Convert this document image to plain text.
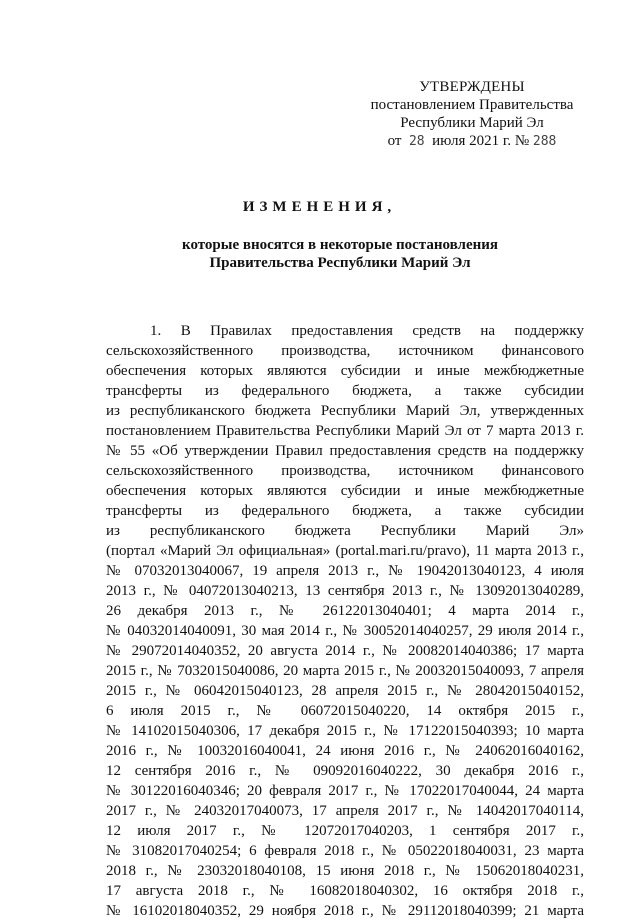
УТВЕРЖДЕНЫ
постановлением Правительства
Республики Марий Эл
от 28 июля 2021 г. № 288
ИЗМЕНЕНИЯ,
которые вносятся в некоторые постановления
Правительства Республики Марий Эл
1. В Правилах предоставления средств на поддержку
сельскохозяйственного производства, источником финансового
обеспечения которых являются субсидии и иные межбюджетные
трансферты из федерального бюджета, а также субсидии
из республиканского бюджета Республики Марий Эл, утвержденных
постановлением Правительства Республики Марий Эл от 7 марта 2013 г.
№ 55 «Об утверждении Правил предоставления средств на поддержку
сельскохозяйственного производства, источником финансового
обеспечения которых являются субсидии и иные межбюджетные
трансферты из федерального бюджета, а также субсидии
из республиканского бюджета Республики Марий Эл»
(портал «Марий Эл официальная» (portal.mari.ru/pravo), 11 марта 2013 г.,
№ 07032013040067, 19 апреля 2013 г., № 19042013040123, 4 июля
2013 г., № 04072013040213, 13 сентября 2013 г., № 13092013040289,
26 декабря 2013 г., № 26122013040401; 4 марта 2014 г.,
№ 04032014040091, 30 мая 2014 г., № 30052014040257, 29 июля 2014 г.,
№ 29072014040352, 20 августа 2014 г., № 20082014040386; 17 марта
2015 г., № 7032015040086, 20 марта 2015 г., № 20032015040093, 7 апреля
2015 г., № 06042015040123, 28 апреля 2015 г., № 28042015040152,
6 июля 2015 г., № 06072015040220, 14 октября 2015 г.,
№ 14102015040306, 17 декабря 2015 г., № 17122015040393; 10 марта
2016 г., № 10032016040041, 24 июня 2016 г., № 24062016040162,
12 сентября 2016 г., № 09092016040222, 30 декабря 2016 г.,
№ 30122016040346; 20 февраля 2017 г., № 17022017040044, 24 марта
2017 г., № 24032017040073, 17 апреля 2017 г., № 14042017040114,
12 июля 2017 г., № 12072017040203, 1 сентября 2017 г.,
№ 31082017040254; 6 февраля 2018 г., № 05022018040031, 23 марта
2018 г., № 23032018040108, 15 июня 2018 г., № 15062018040231,
17 августа 2018 г., № 16082018040302, 16 октября 2018 г.,
№ 16102018040352, 29 ноября 2018 г., № 29112018040399; 21 марта
